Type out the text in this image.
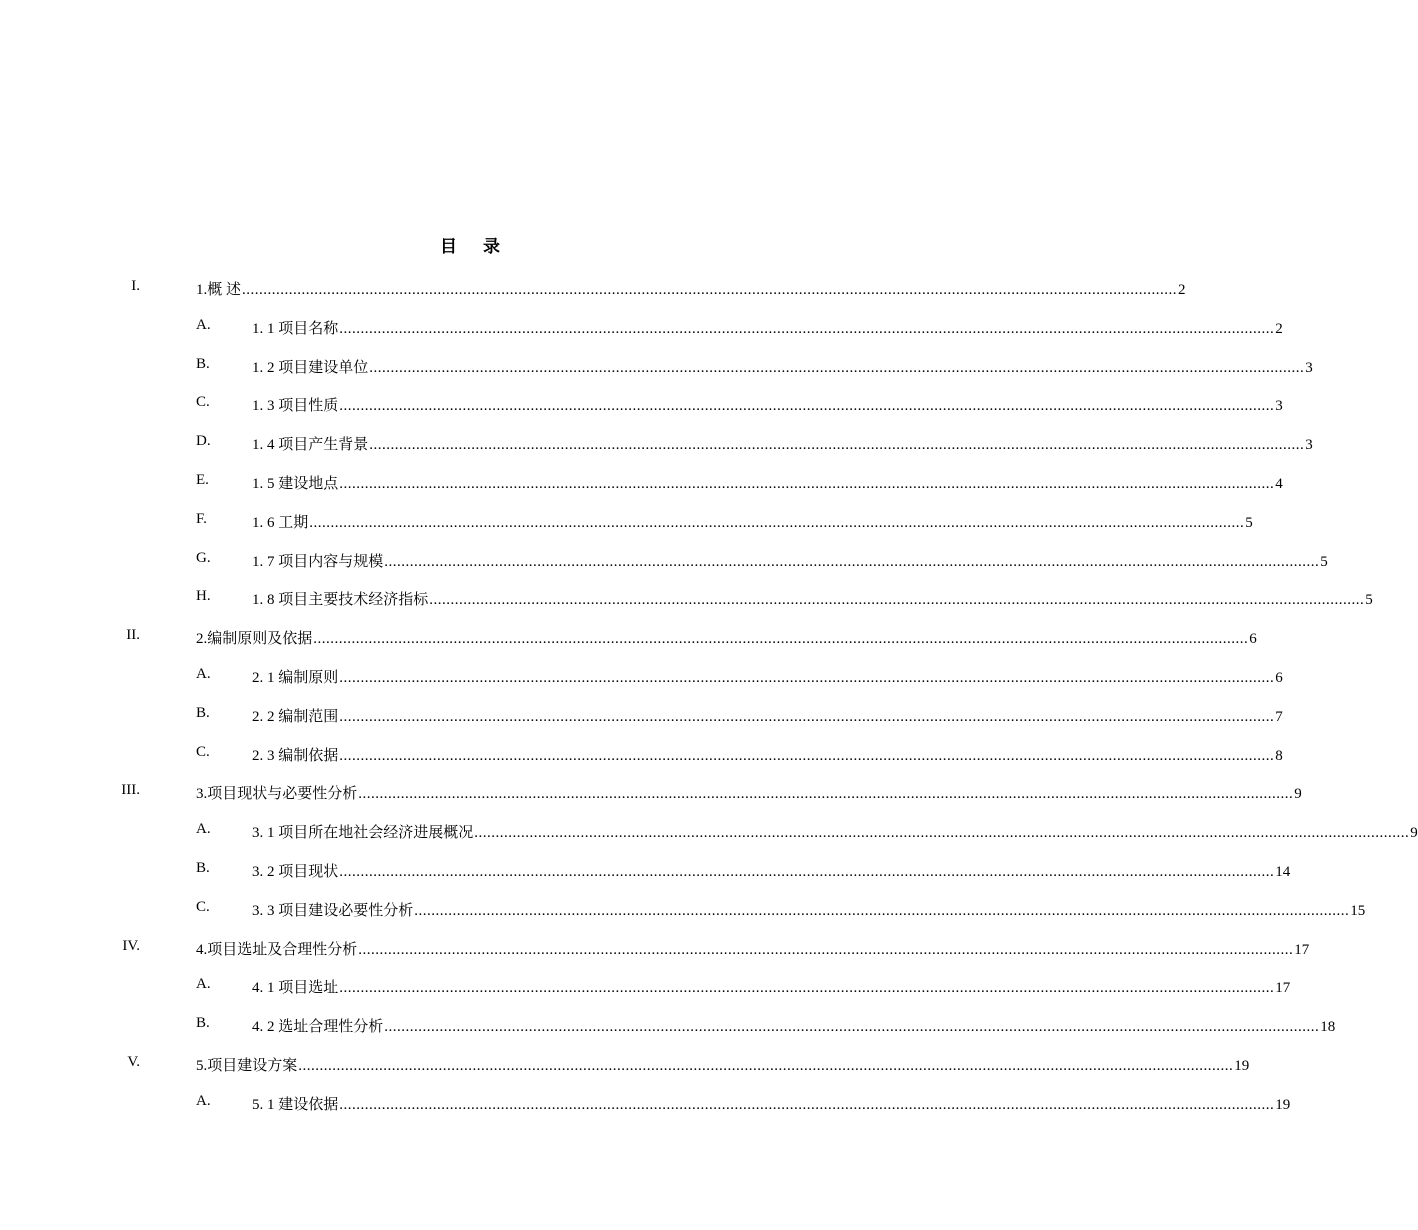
目 录
I.	1.概 述 ............................................................................................................................................................................................................................ 2
A.	1. 1 项目名称 ............................................................................................................................................................................................................................ 2
B.	1. 2 项目建设单位 ............................................................................................................................................................................................................................ 3
C.	1. 3 项目性质 ............................................................................................................................................................................................................................ 3
D.	1. 4 项目产生背景 ............................................................................................................................................................................................................................ 3
E.	1. 5 建设地点 ............................................................................................................................................................................................................................ 4
F.	1. 6 工期 ............................................................................................................................................................................................................................ 5
G.	1. 7 项目内容与规模 ............................................................................................................................................................................................................................ 5
H.	1. 8 项目主要技术经济指标 ............................................................................................................................................................................................................................ 5
II.	2.编制原则及依据 ............................................................................................................................................................................................................................ 6
A.	2. 1 编制原则 ............................................................................................................................................................................................................................ 6
B.	2. 2 编制范围 ............................................................................................................................................................................................................................ 7
C.	2. 3 编制依据 ............................................................................................................................................................................................................................ 8
III.	3.项目现状与必要性分析 ............................................................................................................................................................................................................................ 9
A.	3. 1 项目所在地社会经济进展概况 ............................................................................................................................................................................................................................ 9
B.	3. 2 项目现状 ............................................................................................................................................................................................................................ 14
C.	3. 3 项目建设必要性分析 ............................................................................................................................................................................................................................ 15
IV.	4.项目选址及合理性分析 ............................................................................................................................................................................................................................ 17
A.	4. 1 项目选址 ............................................................................................................................................................................................................................ 17
B.	4. 2 选址合理性分析 ............................................................................................................................................................................................................................ 18
V.	5.项目建设方案 ............................................................................................................................................................................................................................ 19
A.	5. 1 建设依据 ............................................................................................................................................................................................................................ 19
